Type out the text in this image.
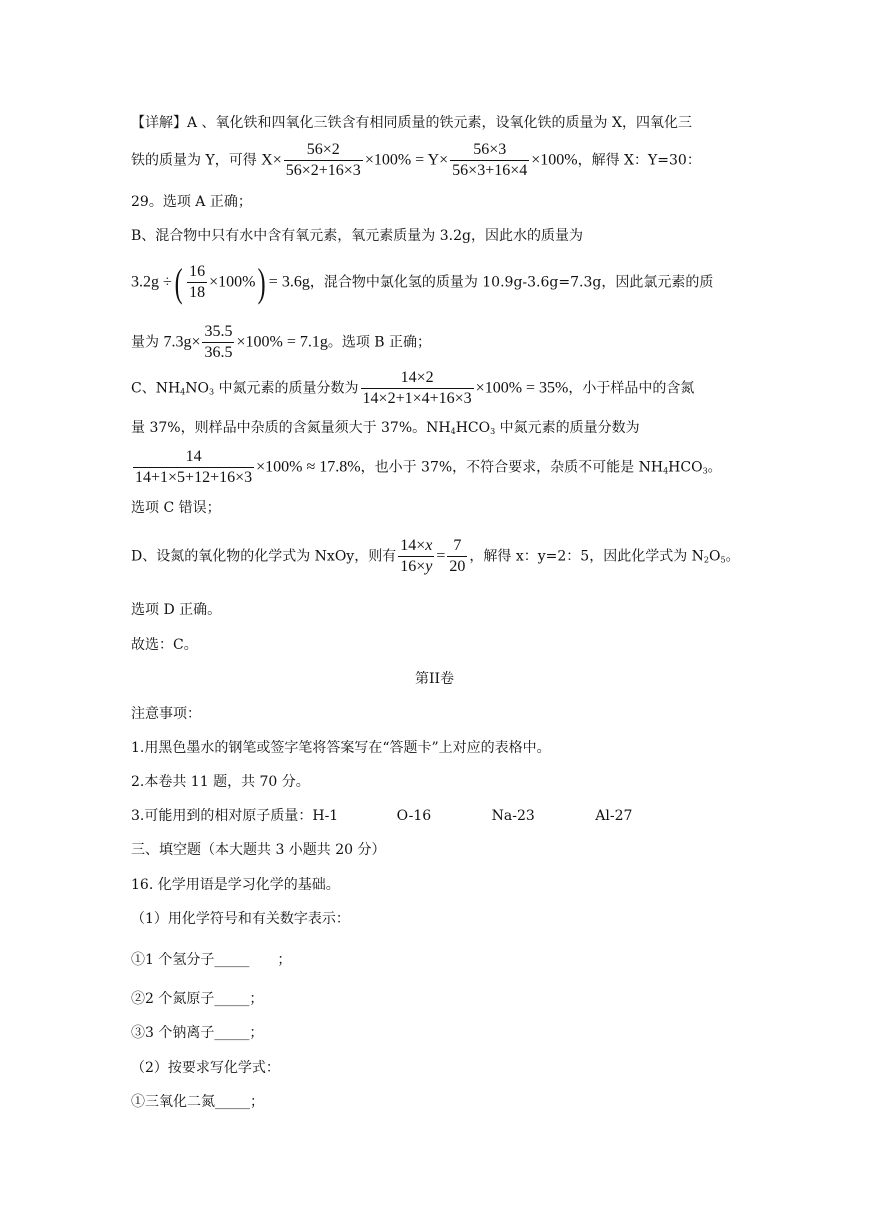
【详解】A 、氧化铁和四氧化三铁含有相同质量的铁元素，设氧化铁的质量为 X，四氧化三
铁的质量为 Y，可得 $X\times \frac{56\times 2}{56\times 2+16\times 3} \times 100\% = Y\times \frac{56\times 3}{56\times 3+16\times 4} \times 100\%$，解得 X：Y=30：
29。选项 A 正确；
B、混合物中只有水中含有氧元素，氧元素质量为 3.2g，因此水的质量为
3.2g ÷( $\frac{16}{18} \times 100\%) = 3.6g$，混合物中氯化氢的质量为 10.9g-3.6g=7.3g，因此氯元素的质
量为 $7.3g\times \frac{35.5}{36.5} \times 100\% = 7.1g$。选项 B 正确；
C、$NH_4NO_3$ 中氮元素的质量分数为 $\frac{14\times 2}{14\times 2+1\times 4+16\times 3} \times 100\% = 35\%$，小于样品中的含氮
量 37%，则样品中杂质的含氮量须大于 37%。$NH_4HCO_3$ 中氮元素的质量分数为
$\frac{14}{14+1\times 5+12+16\times 3} \times 100\% \approx 17.8\%$，也小于 37%，不符合要求，杂质不可能是 $NH_4HCO_3$。
选项 C 错误；
D、设氮的氧化物的化学式为 NxOy，则有 $\frac{14\times x}{16\times y} = \frac{7}{20}$ ，解得 x：y=2：5，因此化学式为 $N_2O_5$。
选项 D 正确。
故选：C。
第II卷
注意事项：
1.用黑色墨水的钢笔或签字笔将答案写在“答题卡”上对应的表格中。
2.本卷共 11 题，共 70 分。
3.可能用到的相对原子质量：H-1	O-16	Na-23	Al-27
三、填空题（本大题共 3 小题共 20 分）
16. 化学用语是学习化学的基础。
（1）用化学符号和有关数字表示：
①1 个氢分子_____ ；
②2 个氮原子_____；
③3 个钠离子_____；
（2）按要求写化学式：
①三氧化二氮_____；
